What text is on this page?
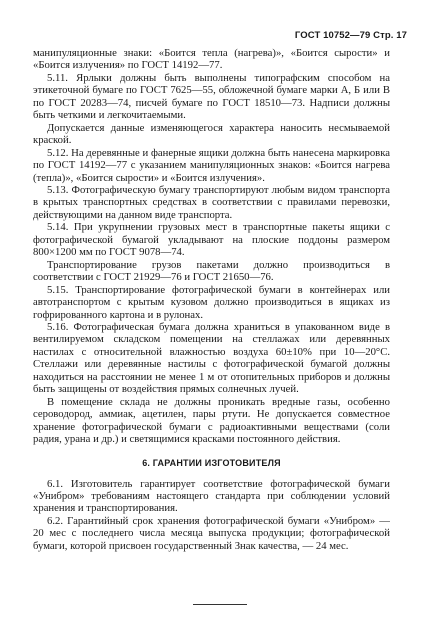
ГОСТ 10752—79 Стр. 17

манипуляционные знаки: «Боится тепла (нагрева)», «Боится сырости» и «Боится излучения» по ГОСТ 14192—77.

5.11. Ярлыки должны быть выполнены типографским способом на этикеточной бумаге по ГОСТ 7625—55, обложечной бумаге марки А, Б или В по ГОСТ 20283—74, писчей бумаге по ГОСТ 18510—73. Надписи должны быть четкими и легкочитаемыми.

Допускается данные изменяющегося характера наносить несмываемой краской.

5.12. На деревянные и фанерные ящики должна быть нанесена маркировка по ГОСТ 14192—77 с указанием манипуляционных знаков: «Боится нагрева (тепла)», «Боится сырости» и «Боится излучения».

5.13. Фотографическую бумагу транспортируют любым видом транспорта в крытых транспортных средствах в соответствии с правилами перевозки, действующими на данном виде транспорта.

5.14. При укрупнении грузовых мест в транспортные пакеты ящики с фотографической бумагой укладывают на плоские поддоны размером 800×1200 мм по ГОСТ 9078—74.

Транспортирование грузов пакетами должно производиться в соответствии с ГОСТ 21929—76 и ГОСТ 21650—76.

5.15. Транспортирование фотографической бумаги в контейнерах или автотранспортом с крытым кузовом должно производиться в ящиках из гофрированного картона и в рулонах.

5.16. Фотографическая бумага должна храниться в упакованном виде в вентилируемом складском помещении на стеллажах или деревянных настилах с относительной влажностью воздуха 60±10% при 10—20°С. Стеллажи или деревянные настилы с фотографической бумагой должны находиться на расстоянии не менее 1 м от отопительных приборов и должны быть защищены от воздействия прямых солнечных лучей.

В помещение склада не должны проникать вредные газы, особенно сероводород, аммиак, ацетилен, пары ртути. Не допускается совместное хранение фотографической бумаги с радиоактивными веществами (соли радия, урана и др.) и светящимися красками постоянного действия.

6. ГАРАНТИИ ИЗГОТОВИТЕЛЯ

6.1. Изготовитель гарантирует соответствие фотографической бумаги «Унибром» требованиям настоящего стандарта при соблюдении условий хранения и транспортирования.

6.2. Гарантийный срок хранения фотографической бумаги «Унибром» — 20 мес с последнего числа месяца выпуска продукции; фотографической бумаги, которой присвоен государственный Знак качества, — 24 мес.
